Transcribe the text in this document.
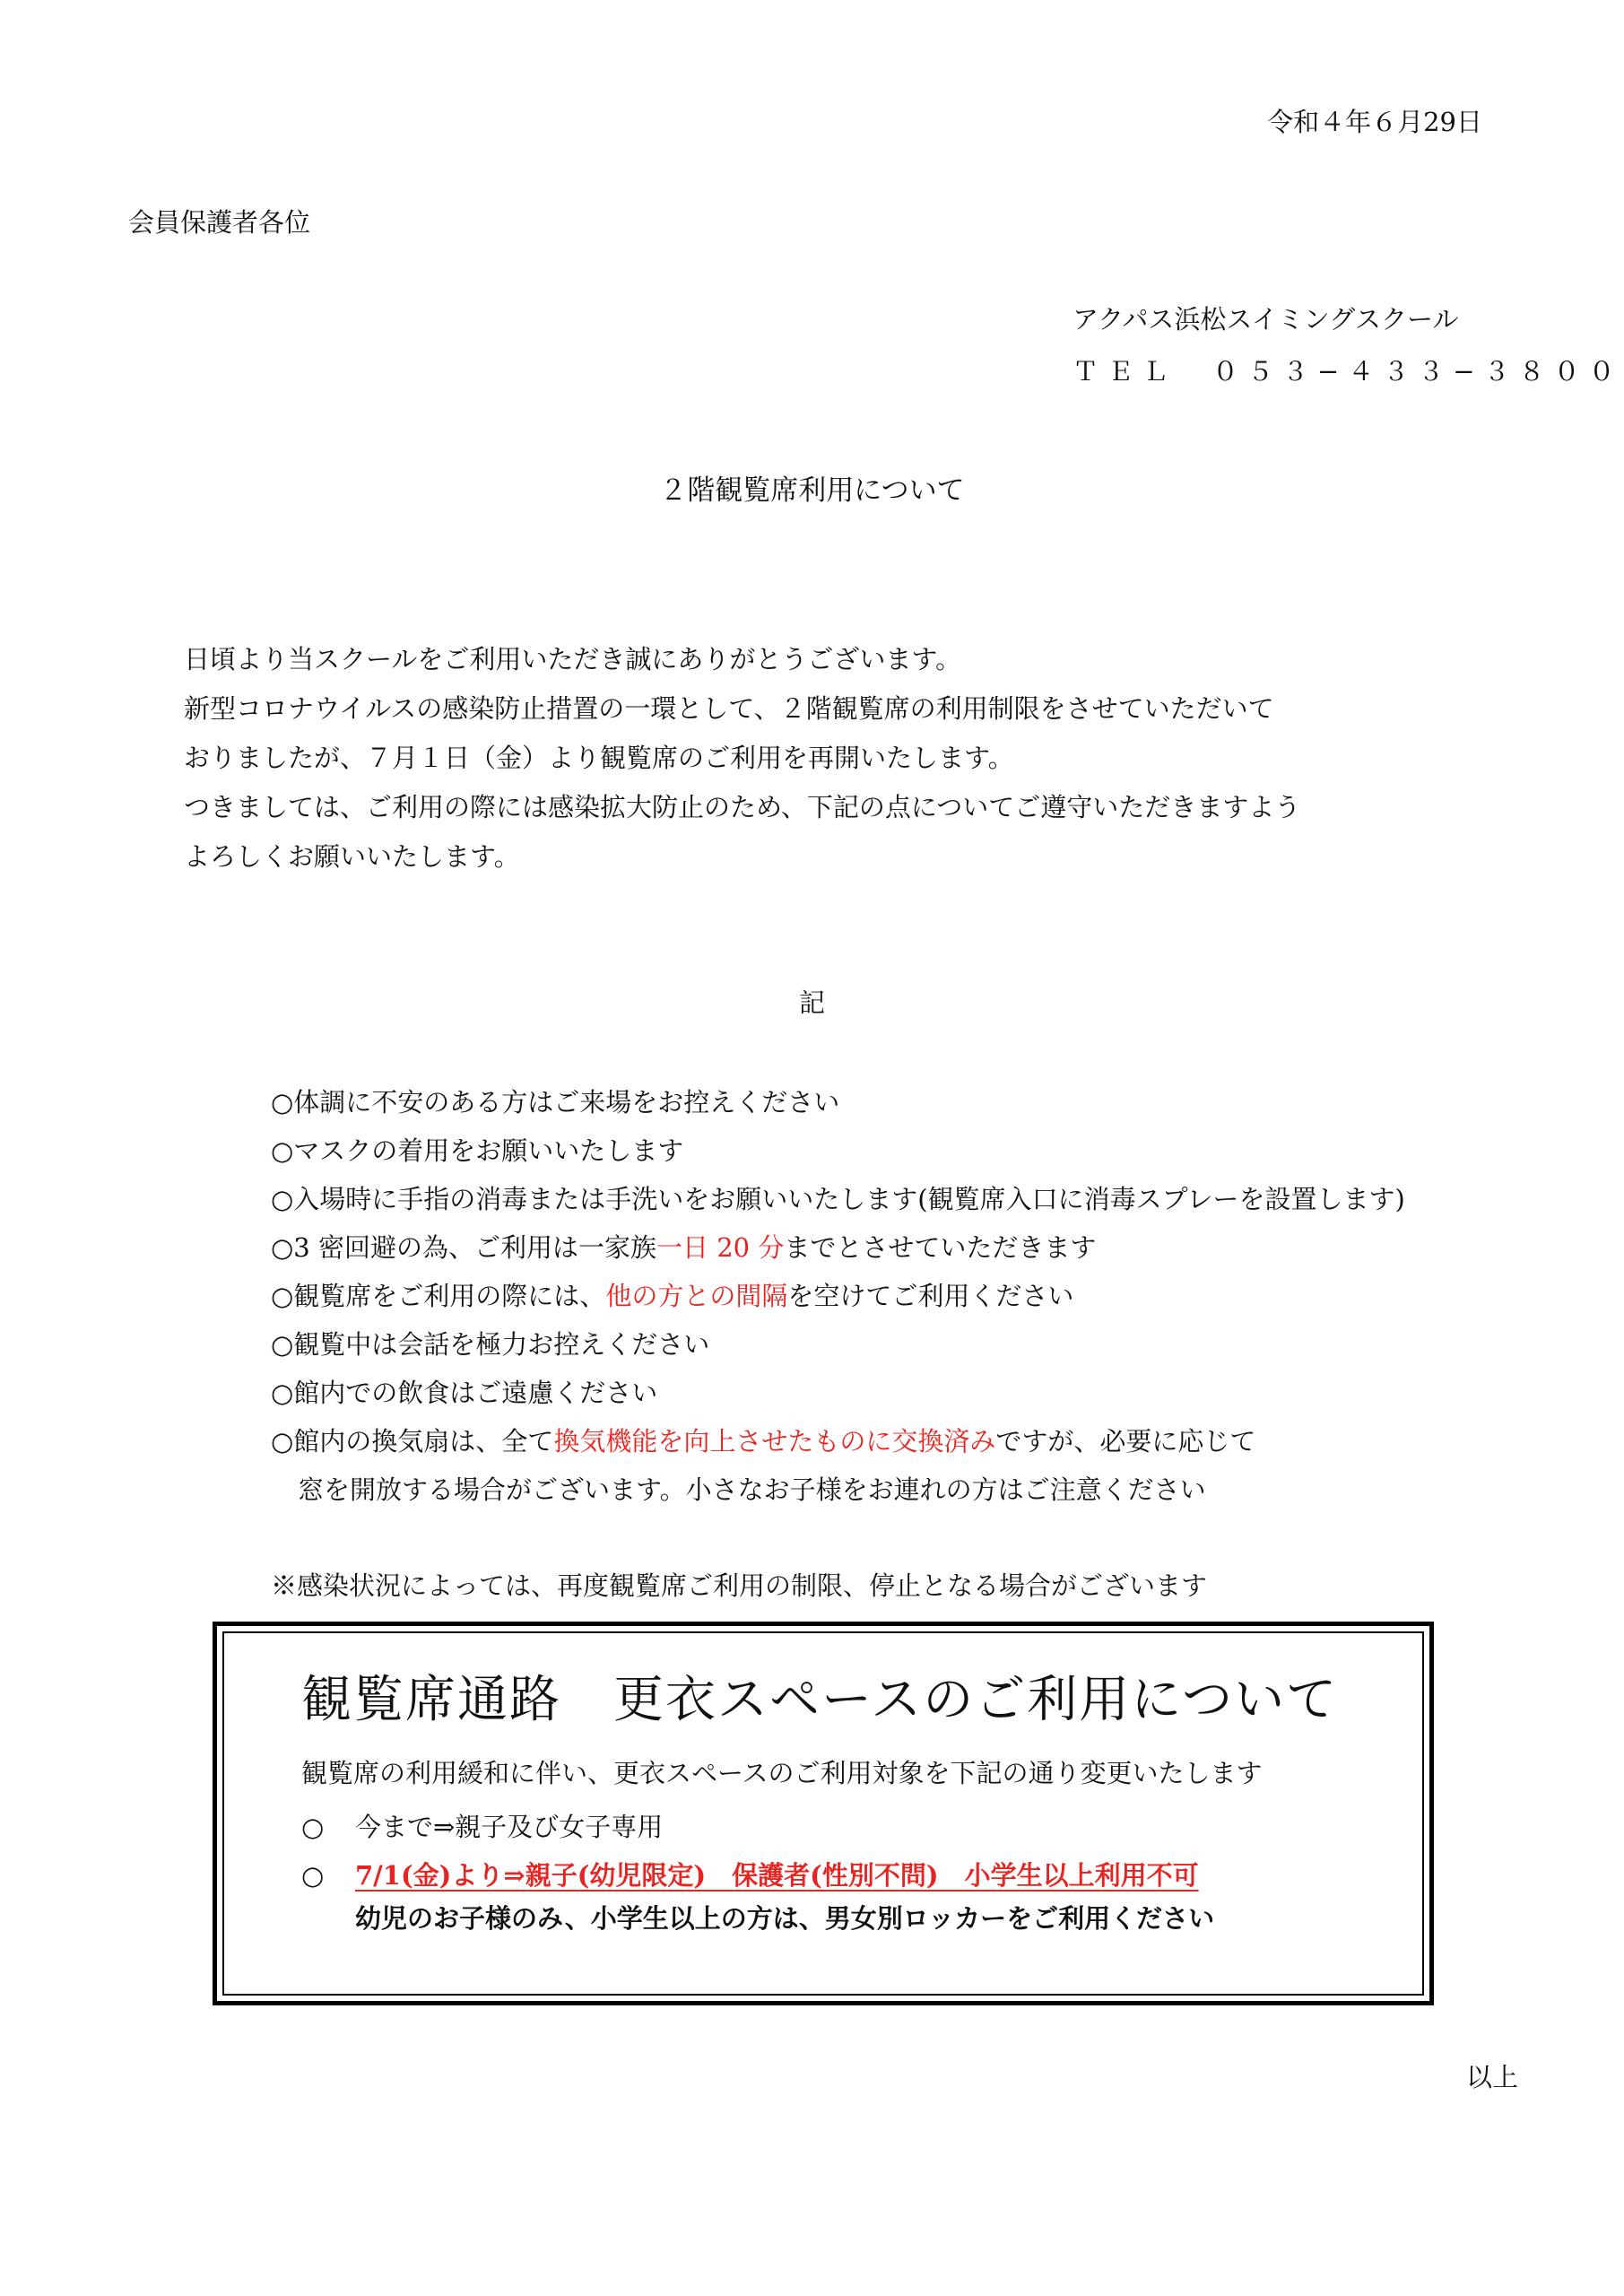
令和４年６月29日
会員保護者各位
アクパス浜松スイミングスクール
ＴＥＬ　０５３−４３３−３８００
２階観覧席利用について
日頃より当スクールをご利用いただき誠にありがとうございます。
新型コロナウイルスの感染防止措置の一環として、２階観覧席の利用制限をさせていただいて
おりましたが、７月１日（金）より観覧席のご利用を再開いたします。
つきましては、ご利用の際には感染拡大防止のため、下記の点についてご遵守いただきますよう
よろしくお願いいたします。
記
○体調に不安のある方はご来場をお控えください
○マスクの着用をお願いいたします
○入場時に手指の消毒または手洗いをお願いいたします(観覧席入口に消毒スプレーを設置します)
○3 密回避の為、ご利用は一家族一日 20 分までとさせていただきます
○観覧席をご利用の際には、他の方との間隔を空けてご利用ください
○観覧中は会話を極力お控えください
○館内での飲食はご遠慮ください
○館内の換気扇は、全て換気機能を向上させたものに交換済みですが、必要に応じて
窓を開放する場合がございます。小さなお子様をお連れの方はご注意ください
※感染状況によっては、再度観覧席ご利用の制限、停止となる場合がございます
観覧席通路　更衣スペースのご利用について
観覧席の利用緩和に伴い、更衣スペースのご利用対象を下記の通り変更いたします
○ 今まで⇒親子及び女子専用
○ 7/1(金)より⇒親子(幼児限定)　保護者(性別不問)　小学生以上利用不可
幼児のお子様のみ、小学生以上の方は、男女別ロッカーをご利用ください
以上
